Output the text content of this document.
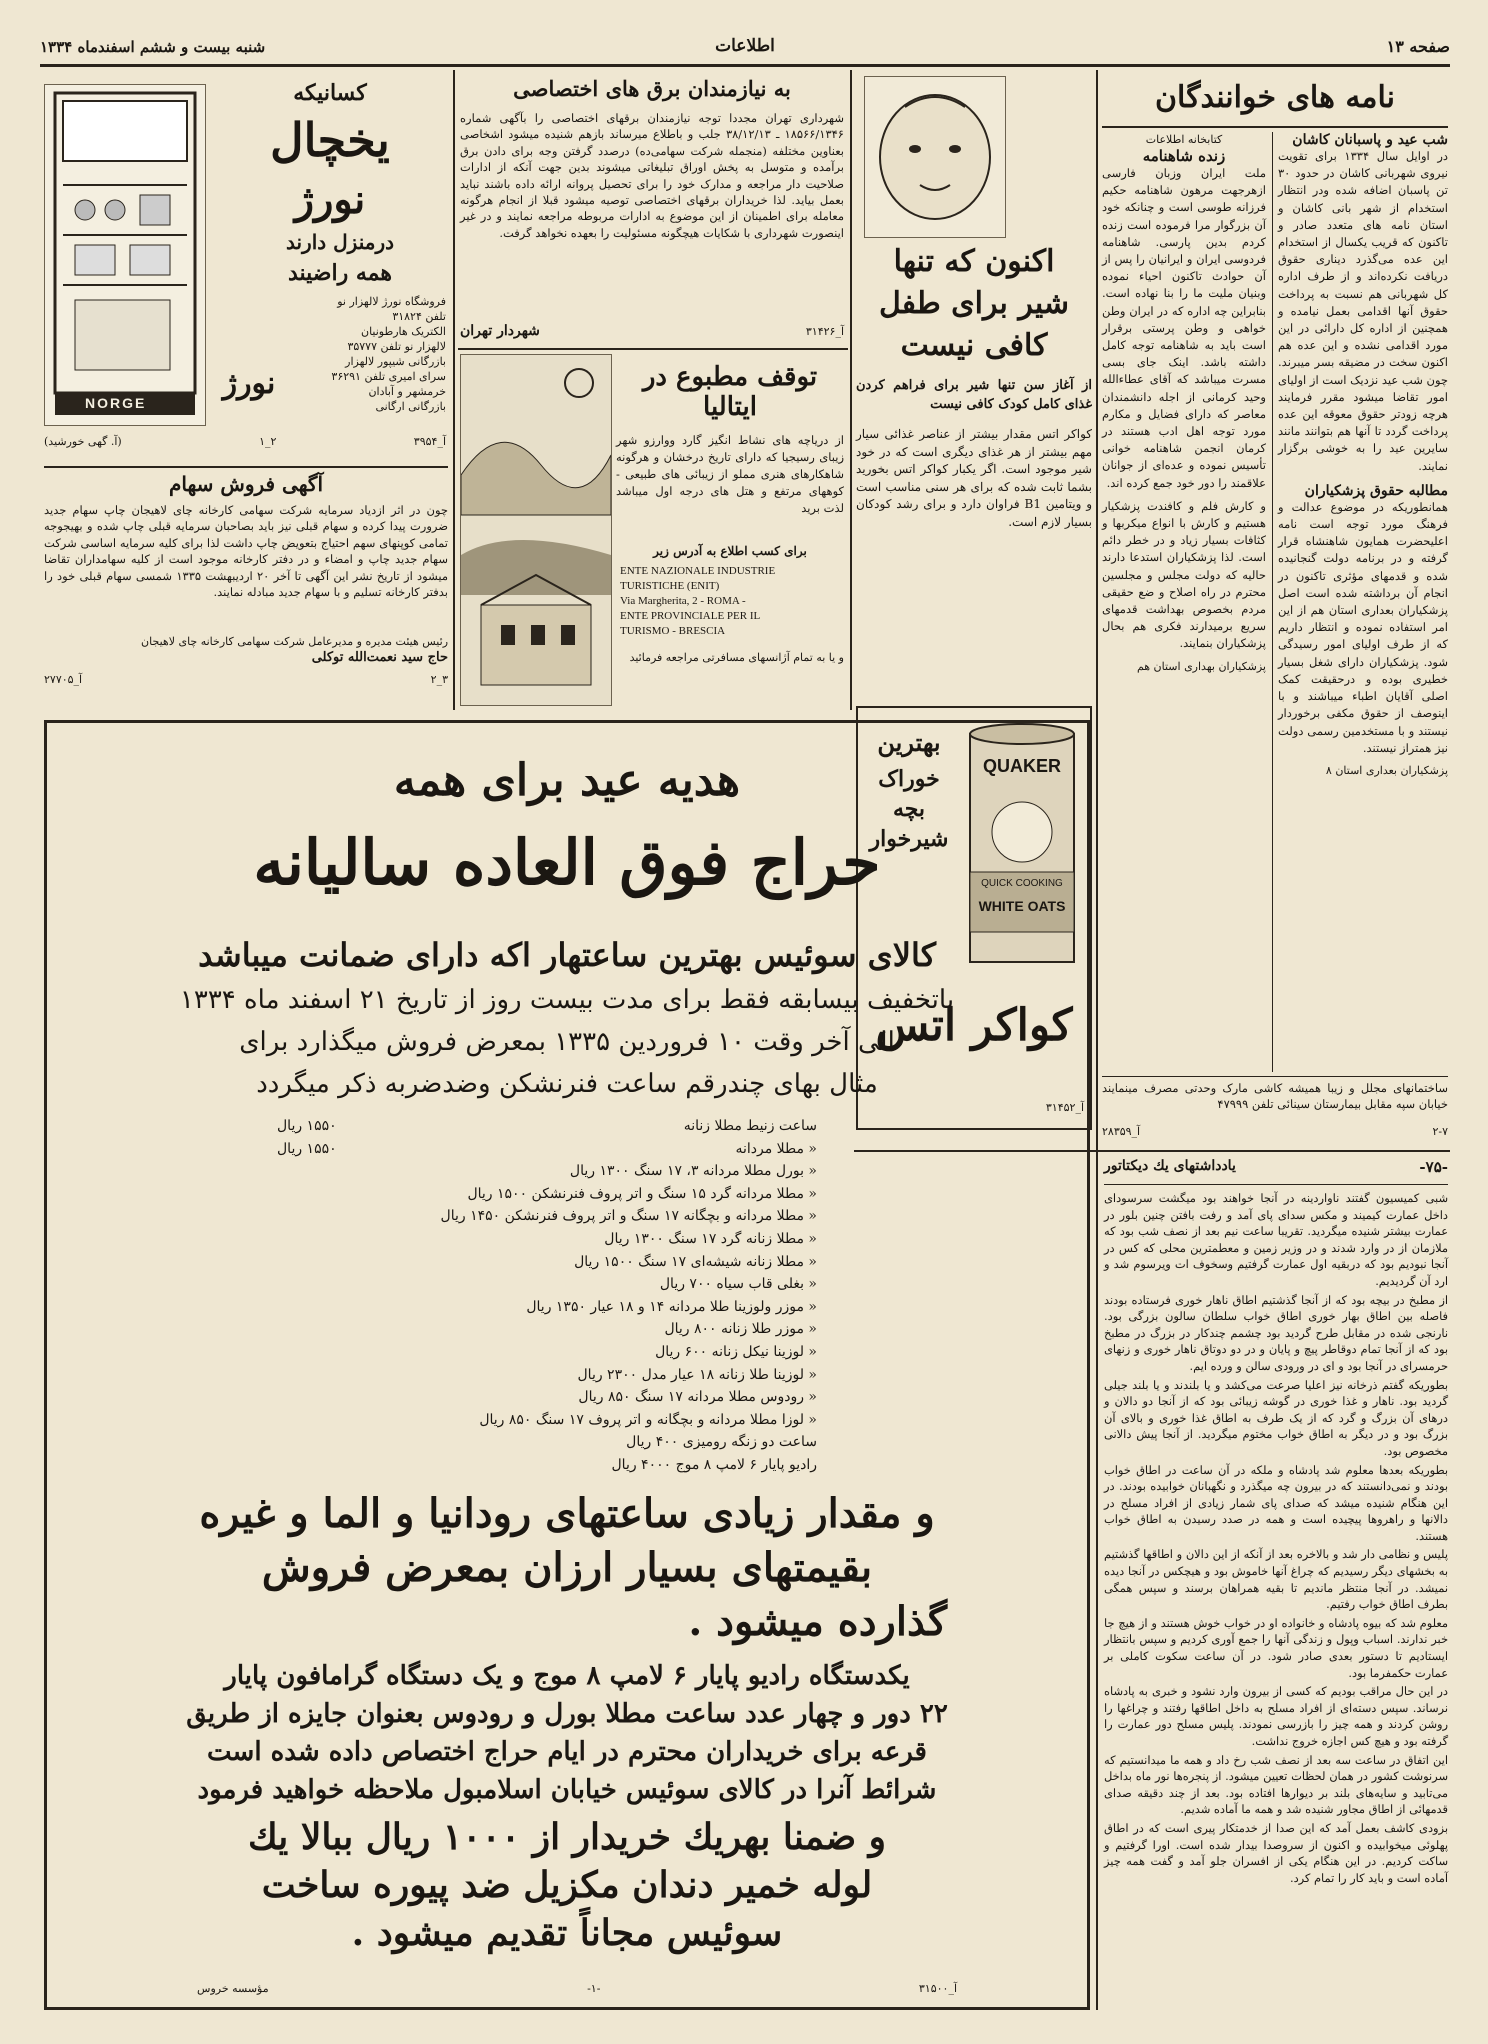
شنبه بیست و ششم اسفندماه ۱۳۳۴	اطلاعات	صفحه ۱۳
NORGE
کسانیکه
یخچال
نورژ
درمنزل دارند
همه راضیند
فروشگاه نورژ لالهزار نو
تلفن ۳۱۸۲۴
الکتریک هارطونیان
لالهزار نو تلفن ۳۵۷۷۷
بازرگانی شیپور لالهزار
سرای امیری تلفن ۳۶۲۹۱
خرمشهر و آبادان
بازرگانی ارگانی
نورژ
آ_۳۹۵۴
۲_۱
(آ. گهی خورشید)
آگهی فروش سهام
چون در اثر ازدیاد سرمایه شرکت سهامی کارخانه چای لاهیجان چاپ سهام جدید ضرورت پیدا کرده و سهام قبلی نیز باید بصاحبان سرمایه قبلی چاپ شده و بهیجوجه تمامی کوپنهای سهم احتیاج بتعویض چاپ داشت لذا برای کلیه سرمایه اساسی شرکت سهام جدید چاپ و امضاء و در دفتر کارخانه موجود است از کلیه سهامداران تقاضا میشود از تاریخ نشر این آگهی تا آخر ۲۰ اردیبهشت ۱۳۳۵ شمسی سهام قبلی خود را بدفتر کارخانه تسلیم و با سهام جدید مبادله نمایند.
رئیس هیئت مدیره و مدیرعامل شرکت سهامی کارخانه چای لاهیجان
حاج سید نعمت‌الله توکلی
۳_۲
آ_۲۷۷۰۵
به نیازمندان برق های اختصاصی
شهرداری تهران مجددا توجه نیازمندان برقهای اختصاصی را بآگهی شماره ۱۸۵۶۶/۱۳۴۶ ـ ۳۸/۱۲/۱۳ جلب و باطلاع میرساند بازهم شنیده میشود اشخاصی بعناوین مختلفه (منجمله شرکت سهامی‌ده) درصدد گرفتن وجه برای دادن برق برآمده و متوسل به پخش اوراق تبلیغاتی میشوند بدین جهت آنکه از ادارات صلاحیت دار مراجعه و مدارک خود را برای تحصیل پروانه ارائه داده باشند نباید بعمل بیاید. لذا خریداران برقهای اختصاصی توصیه میشود قبلا از انجام هرگونه معامله برای اطمینان از این موضوع به ادارات مربوطه مراجعه نمایند و در غیر اینصورت شهرداری با شکایات هیچگونه مسئولیت را بعهده نخواهد گرفت.
آ_۳۱۴۲۶
شهردار تهران
توقف مطبوع در ایتالیا
از دریاچه های نشاط انگیز گارد ووارزو شهر زیبای رسیجیا که دارای تاریخ درخشان و هرگونه شاهکارهای هنری مملو از زیبائی های طبیعی - کوههای مرتفع و هتل های درجه اول میباشد لذت برید
برای کسب اطلاع به آدرس زیر
ENTE NAZIONALE INDUSTRIE
TURISTICHE (ENIT)
Via Margherita, 2 - ROMA -
ENTE PROVINCIALE PER IL
TURISMO - BRESCIA
و یا به تمام آژانسهای مسافرتی مراجعه فرمائید
اکنون که تنها
شیر برای طفل
کافی نیست
از آغاز سن تنها شیر برای فراهم کردن غذای کامل کودک کافی نیست
کواکر اتس مقدار بیشتر از عناصر غذائی سیار مهم بیشتر از هر غذای دیگری است که در خود شیر موجود است. اگر یکبار کواکر اتس بخورید بشما ثابت شده که برای هر سنی مناسب است و ویتامین B1 فراوان دارد و برای رشد کودکان بسیار لازم است.
بهترین
خوراک بچه شیرخوار
QUAKER
QUICK COOKING
WHITE OATS
کواکر اتس
آ_۳۱۴۵۲
نامه های خوانندگان
شب عید و پاسبانان کاشان
در اوایل سال ۱۳۳۴ برای تقویت نیروی شهربانی کاشان در حدود ۳۰ تن پاسبان اضافه شده ودر انتظار استخدام از شهر بانی کاشان و استان نامه های متعدد صادر و تاکنون که قریب یکسال از استخدام این عده می‌گذرد دیناری حقوق دریافت نکرده‌اند و از طرف اداره کل شهربانی هم نسبت به پرداخت حقوق آنها اقدامی بعمل نیامده و همچنین از اداره کل دارائی در این مورد اقدامی نشده و این عده هم اکنون سخت در مضیقه بسر میبرند. چون شب عید نزدیک است از اولیای امور تقاضا میشود مقرر فرمایند هرچه زودتر حقوق معوقه این عده پرداخت گردد تا آنها هم بتوانند مانند سایرین عید را به خوشی برگزار نمایند.
مطالبه حقوق پزشکیاران
همانطوریکه در موضوع عدالت و فرهنگ مورد توجه است نامه اعلیحضرت همایون شاهنشاه قرار گرفته و در برنامه دولت گنجانیده شده و قدمهای مؤثری تاکنون در انجام آن برداشته شده است اصل پزشکیاران بعداری استان هم از این امر استفاده نموده و انتظار داریم که از طرف اولیای امور رسیدگی شود. پزشکیاران دارای شغل بسیار خطیری بوده و درحقیقت کمک اصلی آقایان اطباء میباشند و با اینوصف از حقوق مکفی برخوردار نیستند و با مستخدمین رسمی دولت نیز همتراز نیستند.
پزشکیاران بعداری استان ۸
کتابخانه اطلاعات
زنده شاهنامه
ملت ایران وزبان فارسی ازهرجهت مرهون شاهنامه حکیم فرزانه طوسی است و چنانکه خود آن بزرگوار مرا فرموده است زنده کردم بدین پارسی. شاهنامه فردوسی ایران و ایرانیان را پس از آن حوادث تاکنون احیاء نموده وبنیان ملیت ما را بنا نهاده است. بنابراین چه اداره که در ایران وطن خواهی و وطن پرستی برقرار است باید به شاهنامه توجه کامل داشته باشد. اینک جای بسی مسرت میباشد که آقای عطاءالله وحید کرمانی از اجله دانشمندان معاصر که دارای فضایل و مکارم مورد توجه اهل ادب هستند در کرمان انجمن شاهنامه خوانی تأسیس نموده و عده‌ای از جوانان علاقمند را دور خود جمع کرده اند.
و کارش فلم و کافندت پزشکیار هستیم و کارش با انواع میکربها و کثافات بسیار زیاد و در خطر دائم است. لذا پزشکیاران استدعا دارند حالیه که دولت مجلس و مجلسین محترم در راه اصلاح و ضع حقیقی مردم بخصوص بهداشت قدمهای سریع برمیدارند فکری هم بحال پزشکیاران بنمایند.
پزشکیاران بهداری استان هم
ساختمانهای مجلل و زیبا همیشه کاشی مارک وحدتی مصرف مینمایند خیابان سپه مقابل بیمارستان سینائی تلفن ۴۷۹۹۹
۲-۷
آ_۲۸۳۵۹
هدیه عید برای همه
حراج فوق العاده سالیانه
کالای سوئیس بهترین ساعتهار اکه دارای ضمانت میباشد
باتخفیف بیسابقه فقط برای مدت بیست روز از تاریخ ۲۱ اسفند ماه ۱۳۳۴
الی آخر وقت ۱۰ فروردین ۱۳۳۵ بمعرض فروش میگذارد برای
مثال بهای چندرقم ساعت فنرنشکن وضدضربه ذکر میگردد
ساعت زنیط مطلا زنانه
۱۵۵۰ ریال
« مطلا مردانه
۱۵۵۰ ریال
« بورل مطلا مردانه ۳، ۱۷ سنگ ۱۳۰۰ ریال
« مطلا مردانه گرد ۱۵ سنگ و اتر پروف فنرنشکن ۱۵۰۰ ریال
« مطلا مردانه و بچگانه ۱۷ سنگ و اتر پروف فنرنشکن ۱۴۵۰ ریال
« مطلا زنانه گرد ۱۷ سنگ ۱۳۰۰ ریال
« مطلا زنانه شیشه‌ای ۱۷ سنگ ۱۵۰۰ ریال
« بغلی قاب سیاه ۷۰۰ ریال
« موزر ولوزینا طلا مردانه ۱۴ و ۱۸ عیار ۱۳۵۰ ریال
« موزر طلا زنانه ۸۰۰ ریال
« لوزینا نیکل زنانه ۶۰۰ ریال
« لوزینا طلا زنانه ۱۸ عیار مدل ۲۳۰۰ ریال
« رودوس مطلا مردانه ۱۷ سنگ ۸۵۰ ریال
« لوزا مطلا مردانه و بچگانه و اتر پروف ۱۷ سنگ ۸۵۰ ریال
ساعت دو زنگه رومیزی ۴۰۰ ریال
رادیو پایار ۶ لامپ ۸ موج ۴۰۰۰ ریال
و مقدار زیادی ساعتهای رودانیا و الما و غیره
بقیمتهای بسیار ارزان بمعرض فروش
گذارده میشود .
یکدستگاه رادیو پایار ۶ لامپ ۸ موج و یک دستگاه گرامافون پایار
۲۲ دور و چهار عدد ساعت مطلا بورل و رودوس بعنوان جایزه از طریق
قرعه برای خریداران محترم در ایام حراج اختصاص داده شده است
شرائط آنرا در کالای سوئیس خیابان اسلامبول ملاحظه خواهید فرمود
و ضمنا بهریك خریدار از ۱۰۰۰ ریال ببالا یك
لوله خمیر دندان مکزیل ضد پیوره ساخت
سوئیس مجاناً تقدیم میشود .
آ_۳۱۵۰۰
-۱-
مؤسسه خروس
-۷۵-
یادداشتهای یك دیکتاتور

شبی کمیسیون گفتند ناواردینه در آنجا خواهند بود میگشت سرسودای داخل عمارت کیمیند و مکس سدای پای آمد و رفت بافتن چنین بلور در عمارت بیشتر شنیده میگردید. تقریبا ساعت نیم بعد از نصف شب بود که ملازمان از در وارد شدند و در وزیر زمین و معطمترین محلی که کس در آنجا نبودیم بود که دربقیه اول عمارت گرفتیم وسخوف ات ویرسوم شد و ارد آن گردیدیم.

از مطبخ در بیچه بود که از آنجا گذشتیم اطاق ناهار خوری فرستاده بودند فاصله بین اطاق بهار خوری اطاق خواب سلطان سالون بزرگی بود. نارنجی شده در مقابل طرح گردید بود چشمم چندکار در بزرگ در مطبخ بود که از آنجا تمام دوقاطر پیچ و پایان و در دو دوتاق ناهار خوری و زنهای حرمسرای در آنجا بود و ای در ورودی سالن و ورده ایم.

بطوریکه گفتم ذرخانه نیز اعلیا صرعت می‌کشد و یا بلندند و یا بلند جیلی گردید بود. ناهار و غذا خوری در گوشه زیبائی بود که از آنجا دو دالان و درهای آن بزرگ و گرد که از یک طرف به اطاق غذا خوری و بالای آن بزرگ بود و در دیگر به اطاق خواب مختوم میگردید. از آنجا پیش دالانی مخصوص بود.

بطوریکه بعدها معلوم شد پادشاه و ملکه در آن ساعت در اطاق خواب بودند و نمی‌دانستند که در بیرون چه میگذرد و نگهبانان خوابیده بودند. در این هنگام شنیده میشد که صدای پای شمار زیادی از افراد مسلح در دالانها و راهروها پیچیده است و همه در صدد رسیدن به اطاق خواب هستند.

پلیس و نظامی دار شد و بالاخره بعد از آنکه از این دالان و اطاقها گذشتیم به بخشهای دیگر رسیدیم که چراغ آنها خاموش بود و هیچکس در آنجا دیده نمیشد. در آنجا منتظر ماندیم تا بقیه همراهان برسند و سپس همگی بطرف اطاق خواب رفتیم.

معلوم شد که بیوه پادشاه و خانواده او در خواب خوش هستند و از هیچ جا خبر ندارند. اسباب وپول و زندگی آنها را جمع آوری کردیم و سپس بانتظار ایستادیم تا دستور بعدی صادر شود. در آن ساعت سکوت کاملی بر عمارت حکمفرما بود.

در این حال مراقب بودیم که کسی از بیرون وارد نشود و خبری به پادشاه نرساند. سپس دسته‌ای از افراد مسلح به داخل اطاقها رفتند و چراغها را روشن کردند و همه چیز را بازرسی نمودند. پلیس مسلح دور عمارت را گرفته بود و هیچ کس اجازه خروج نداشت.

این اتفاق در ساعت سه بعد از نصف شب رخ داد و همه ما میدانستیم که سرنوشت کشور در همان لحظات تعیین میشود. از پنجره‌ها نور ماه بداخل می‌تابید و سایه‌های بلند بر دیوارها افتاده بود. بعد از چند دقیقه صدای قدمهائی از اطاق مجاور شنیده شد و همه ما آماده شدیم.

بزودی کاشف بعمل آمد که این صدا از خدمتکار پیری است که در اطاق پهلوئی میخوابیده و اکنون از سروصدا بیدار شده است. اورا گرفتیم و ساکت کردیم. در این هنگام یکی از افسران جلو آمد و گفت همه چیز آماده است و باید کار را تمام کرد.
